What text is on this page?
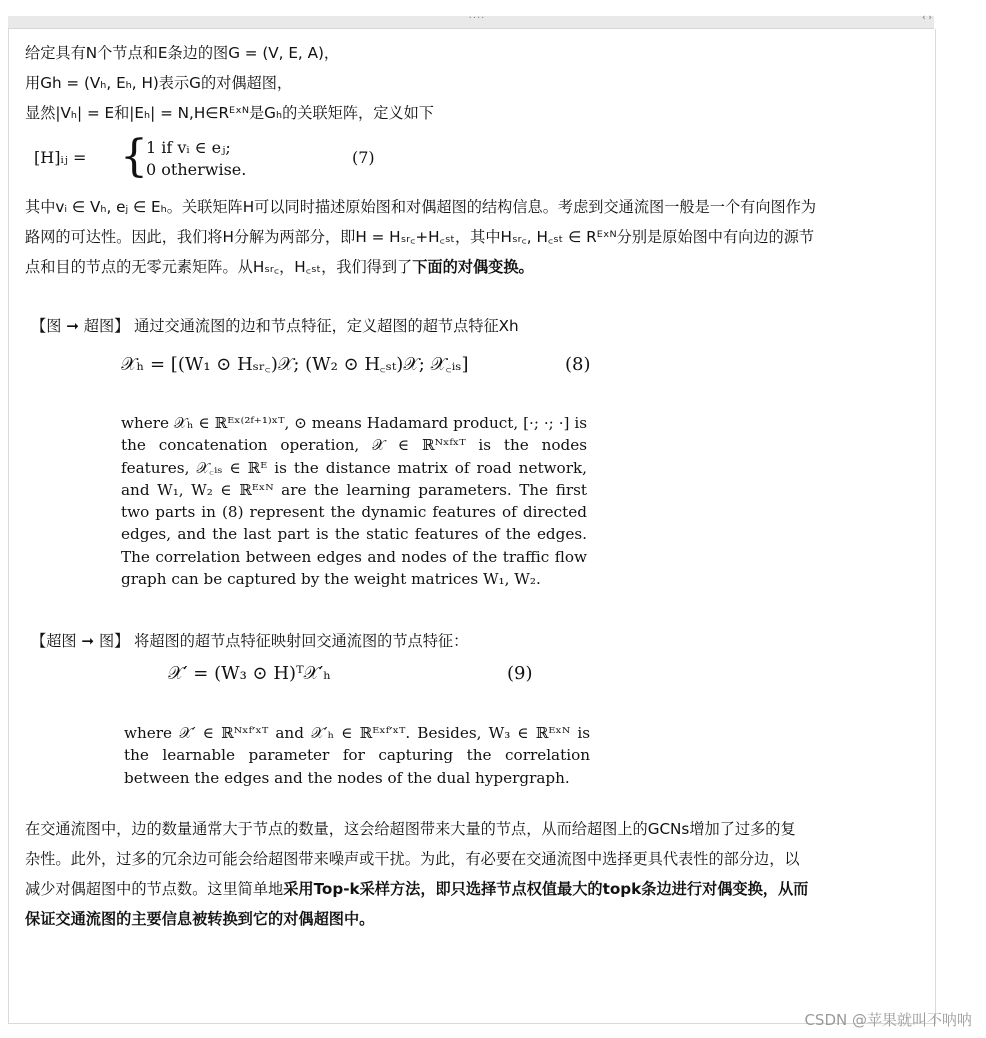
····	‹ ›
给定具有N个节点和E条边的图G = (V, E, A)，
用Gh = (Vₕ, Eₕ, H)表示G的对偶超图，
显然|Vₕ| = E和|Eₕ| = N,H∈Rᴱˣᴺ是Gₕ的关联矩阵，定义如下
[H]ᵢⱼ = {
1 if vᵢ ∈ eⱼ;
0 otherwise.
(7)
其中vᵢ ∈ Vₕ, eⱼ ∈ Eₕ。关联矩阵H可以同时描述原始图和对偶超图的结构信息。考虑到交通流图一般是一个有向图作为
路网的可达性。因此，我们将H分解为两部分，即H = Hₛᵣ꜀+H꜀ₛₜ，其中Hₛᵣ꜀, H꜀ₛₜ ∈ Rᴱˣᴺ分别是原始图中有向边的源节
点和目的节点的无零元素矩阵。从Hₛᵣ꜀，H꜀ₛₜ，我们得到了下面的对偶变换。
【图 ➞ 超图】 通过交通流图的边和节点特征，定义超图的超节点特征Xh
𝒳ₕ = [(W₁ ⊙ Hₛᵣ꜀)𝒳; (W₂ ⊙ H꜀ₛₜ)𝒳; 𝒳꜀ᵢₛ]	(8)
where 𝒳ₕ ∈ ℝᴱˣ⁽²ᶠ⁺¹⁾ˣᵀ, ⊙ means Hadamard product, [·; ·; ·] is the concatenation operation, 𝒳 ∈ ℝᴺˣᶠˣᵀ is the nodes features, 𝒳꜀ᵢₛ ∈ ℝᴱ is the distance matrix of road network, and W₁, W₂ ∈ ℝᴱˣᴺ are the learning parameters. The first two parts in (8) represent the dynamic features of directed edges, and the last part is the static features of the edges. The correlation between edges and nodes of the traffic flow graph can be captured by the weight matrices W₁, W₂.
【超图 ➞ 图】 将超图的超节点特征映射回交通流图的节点特征：
𝒳′ = (W₃ ⊙ H)ᵀ𝒳′ₕ	(9)
where 𝒳′ ∈ ℝᴺˣᶠ′ˣᵀ and 𝒳′ₕ ∈ ℝᴱˣᶠ′ˣᵀ. Besides, W₃ ∈ ℝᴱˣᴺ is the learnable parameter for capturing the correlation between the edges and the nodes of the dual hypergraph.
在交通流图中，边的数量通常大于节点的数量，这会给超图带来大量的节点，从而给超图上的GCNs增加了过多的复
杂性。此外，过多的冗余边可能会给超图带来噪声或干扰。为此，有必要在交通流图中选择更具代表性的部分边，以
减少对偶超图中的节点数。这里简单地采用Top-k采样方法，即只选择节点权值最大的topk条边进行对偶变换，从而
保证交通流图的主要信息被转换到它的对偶超图中。
CSDN @苹果就叫不呐呐
